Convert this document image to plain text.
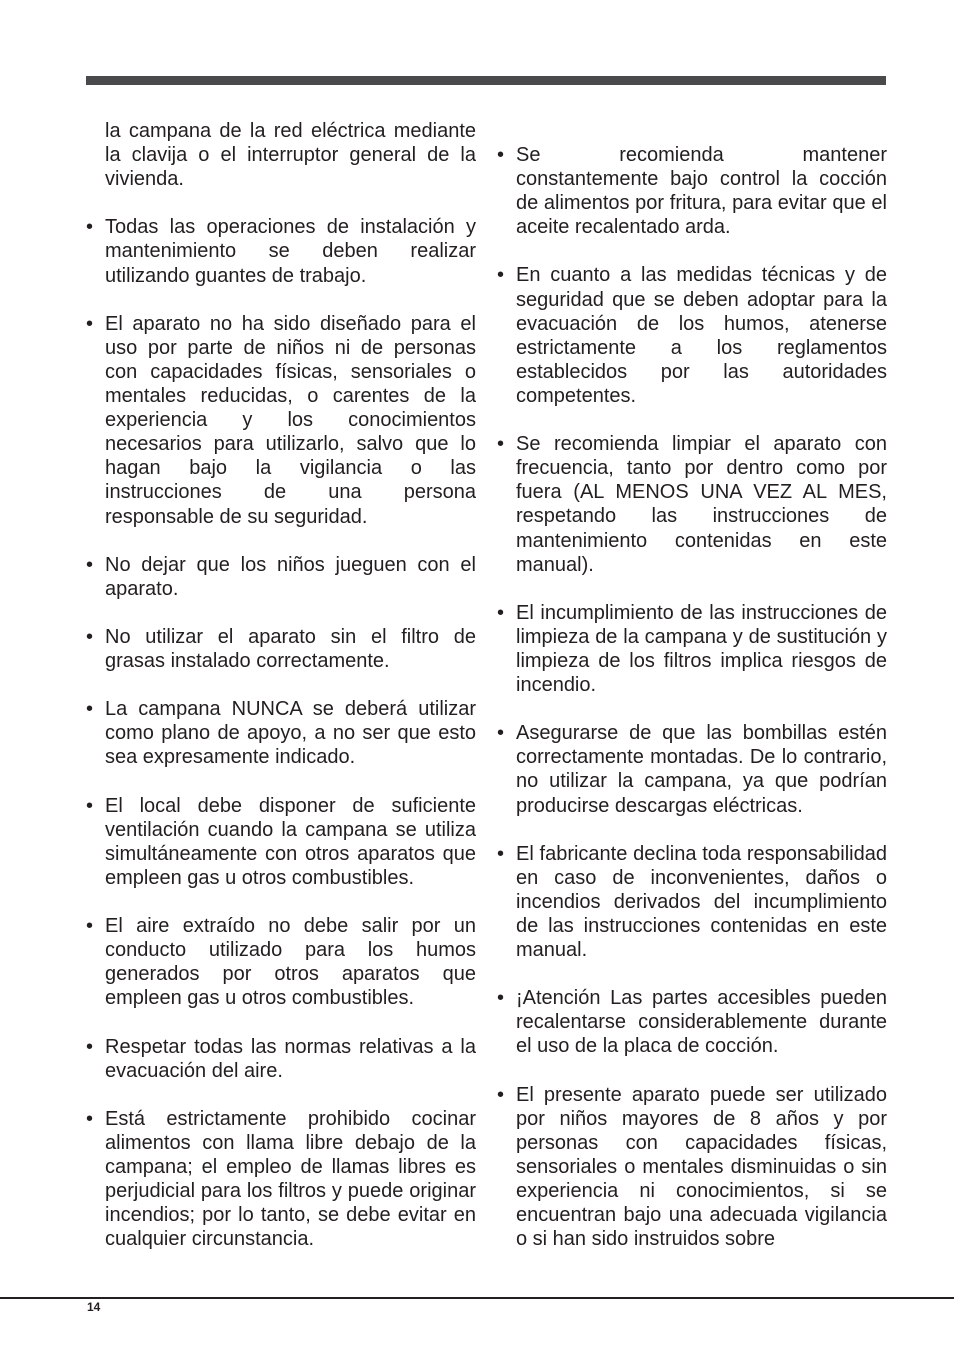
la campana de la red eléctrica mediante la clavija o el interruptor general de la vivienda.
• Todas las operaciones de instalación y mantenimiento se deben realizar utilizando guantes de trabajo.
• El aparato no ha sido diseñado para el uso por parte de niños ni de personas con capacidades físicas, sensoriales o mentales reducidas, o carentes de la experiencia y los conocimientos necesarios para utilizarlo, salvo que lo hagan bajo la vigilancia o las instrucciones de una persona responsable de su seguridad.
• No dejar que los niños jueguen con el aparato.
• No utilizar el aparato sin el filtro de grasas instalado correctamente.
• La campana NUNCA se deberá utilizar como plano de apoyo, a no ser que esto sea expresamente indicado.
• El local debe disponer de suficiente ventilación cuando la campana se utiliza simultáneamente con otros aparatos que empleen gas u otros combustibles.
• El aire extraído no debe salir por un conducto utilizado para los humos generados por otros aparatos que empleen gas u otros combustibles.
• Respetar todas las normas relativas a la evacuación del aire.
• Está estrictamente prohibido cocinar alimentos con llama libre debajo de la campana; el empleo de llamas libres es perjudicial para los filtros y puede originar incendios; por lo tanto, se debe evitar en cualquier circunstancia.
• Se recomienda mantener constantemente bajo control la cocción de alimentos por fritura, para evitar que el aceite recalentado arda.
• En cuanto a las medidas técnicas y de seguridad que se deben adoptar para la evacuación de los humos, atenerse estrictamente a los reglamentos establecidos por las autoridades competentes.
• Se recomienda limpiar el aparato con frecuencia, tanto por dentro como por fuera (AL MENOS UNA VEZ AL MES, respetando las instrucciones de mantenimiento contenidas en este manual).
• El incumplimiento de las instrucciones de limpieza de la campana y de sustitución y limpieza de los filtros implica riesgos de incendio.
• Asegurarse de que las bombillas estén correctamente montadas. De lo contrario, no utilizar la campana, ya que podrían producirse descargas eléctricas.
• El fabricante declina toda responsabilidad en caso de inconvenientes, daños o incendios derivados del incumplimiento de las instrucciones contenidas en este manual.
• ¡Atención Las partes accesibles pueden recalentarse considerablemente durante el uso de la placa de cocción.
• El presente aparato puede ser utilizado por niños mayores de 8 años y por personas con capacidades físicas, sensoriales o mentales disminuidas o sin experiencia ni conocimientos, si se encuentran bajo una adecuada vigilancia o si han sido instruidos sobre
14
